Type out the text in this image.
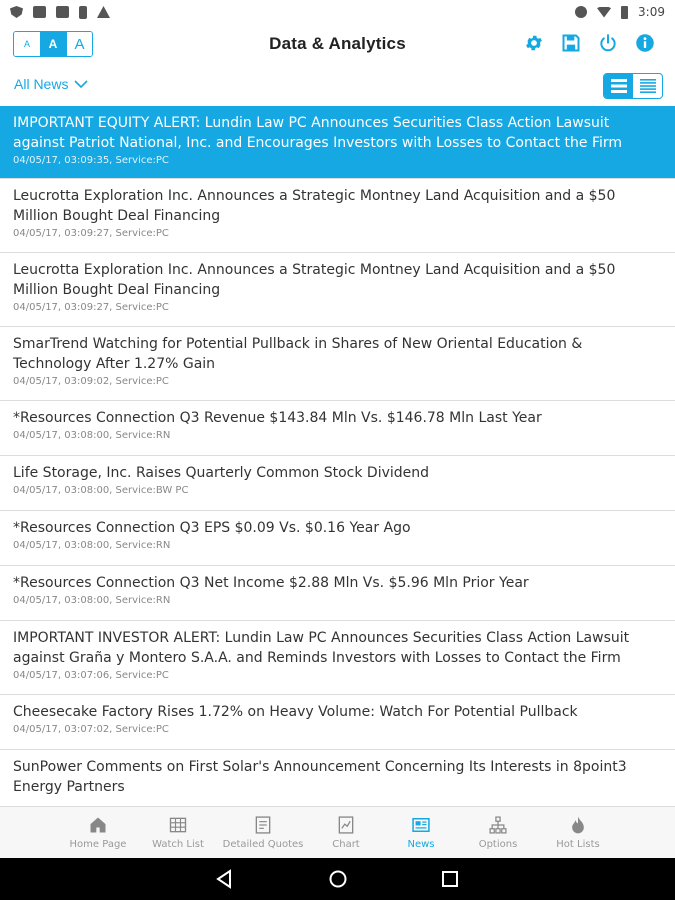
3:09
A	A	A	Data & Analytics
All News
IMPORTANT EQUITY ALERT: Lundin Law PC Announces Securities Class Action Lawsuit against Patriot National, Inc. and Encourages Investors with Losses to Contact the Firm
04/05/17, 03:09:35, Service:PC
Leucrotta Exploration Inc. Announces a Strategic Montney Land Acquisition and a $50 Million Bought Deal Financing
04/05/17, 03:09:27, Service:PC
Leucrotta Exploration Inc. Announces a Strategic Montney Land Acquisition and a $50 Million Bought Deal Financing
04/05/17, 03:09:27, Service:PC
SmarTrend Watching for Potential Pullback in Shares of New Oriental Education & Technology After 1.27% Gain
04/05/17, 03:09:02, Service:PC
*Resources Connection Q3 Revenue $143.84 Mln Vs. $146.78 Mln Last Year
04/05/17, 03:08:00, Service:RN
Life Storage, Inc. Raises Quarterly Common Stock Dividend
04/05/17, 03:08:00, Service:BW PC
*Resources Connection Q3 EPS $0.09 Vs. $0.16 Year Ago
04/05/17, 03:08:00, Service:RN
*Resources Connection Q3 Net Income $2.88 Mln Vs. $5.96 Mln Prior Year
04/05/17, 03:08:00, Service:RN
IMPORTANT INVESTOR ALERT: Lundin Law PC Announces Securities Class Action Lawsuit against Graña y Montero S.A.A. and Reminds Investors with Losses to Contact the Firm
04/05/17, 03:07:06, Service:PC
Cheesecake Factory Rises 1.72% on Heavy Volume: Watch For Potential Pullback
04/05/17, 03:07:02, Service:PC
SunPower Comments on First Solar's Announcement Concerning Its Interests in 8point3 Energy Partners
Home Page	Watch List Detailed Quotes	Chart	News	Options	Hot Lists
